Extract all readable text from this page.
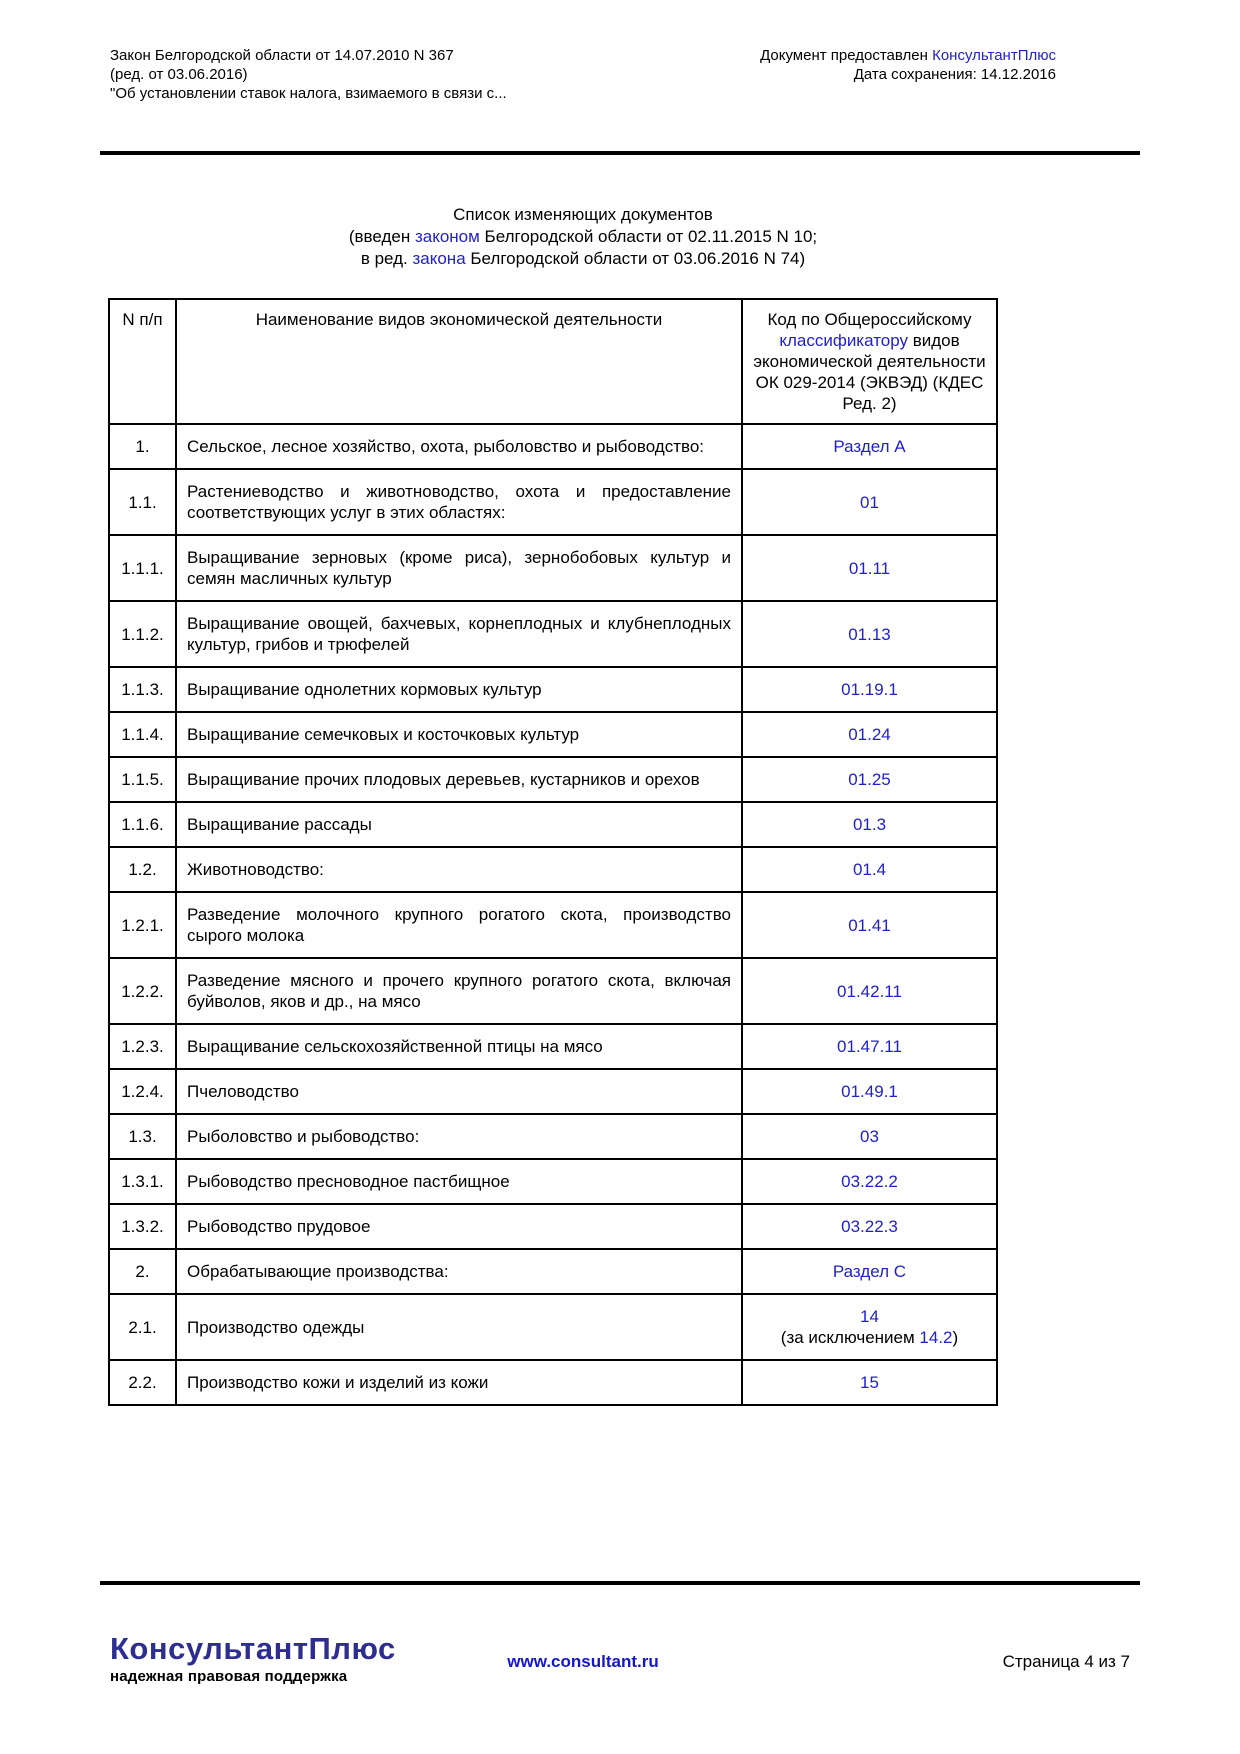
Закон Белгородской области от 14.07.2010 N 367
(ред. от 03.06.2016)
"Об установлении ставок налога, взимаемого в связи с...
Документ предоставлен КонсультантПлюс
Дата сохранения: 14.12.2016
Список изменяющих документов
(введен законом Белгородской области от 02.11.2015 N 10;
в ред. закона Белгородской области от 03.06.2016 N 74)
N п/п	Наименование видов экономической деятельности	Код по Общероссийскому классификатору видов экономической деятельности ОК 029-2014 (ЭКВЭД) (КДЕС Ред. 2)
1.	Сельское, лесное хозяйство, охота, рыболовство и рыбоводство:	Раздел A
1.1.	Растениеводство и животноводство, охота и предоставление соответствующих услуг в этих областях:	01
1.1.1.	Выращивание зерновых (кроме риса), зернобобовых культур и семян масличных культур	01.11
1.1.2.	Выращивание овощей, бахчевых, корнеплодных и клубнеплодных культур, грибов и трюфелей	01.13
1.1.3.	Выращивание однолетних кормовых культур	01.19.1
1.1.4.	Выращивание семечковых и косточковых культур	01.24
1.1.5.	Выращивание прочих плодовых деревьев, кустарников и орехов	01.25
1.1.6.	Выращивание рассады	01.3
1.2.	Животноводство:	01.4
1.2.1.	Разведение молочного крупного рогатого скота, производство сырого молока	01.41
1.2.2.	Разведение мясного и прочего крупного рогатого скота, включая буйволов, яков и др., на мясо	01.42.11
1.2.3.	Выращивание сельскохозяйственной птицы на мясо	01.47.11
1.2.4.	Пчеловодство	01.49.1
1.3.	Рыболовство и рыбоводство:	03
1.3.1.	Рыбоводство пресноводное пастбищное	03.22.2
1.3.2.	Рыбоводство прудовое	03.22.3
2.	Обрабатывающие производства:	Раздел C
2.1.	Производство одежды	14
(за исключением 14.2)
2.2.	Производство кожи и изделий из кожи	15
КонсультантПлюс
надежная правовая поддержка
www.consultant.ru	Страница 4 из 7
